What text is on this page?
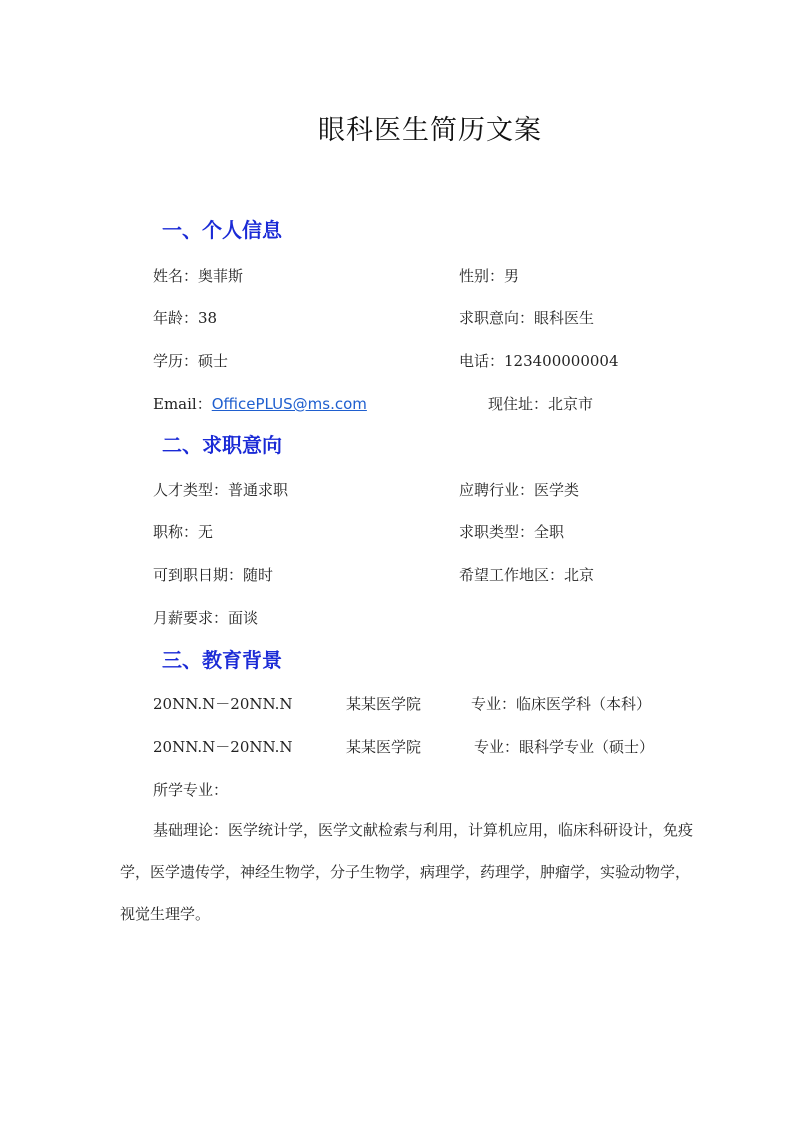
眼科医生简历文案
一、个人信息
姓名：奥菲斯	性别：男
年龄：38	求职意向：眼科医生
学历：硕士	电话：123400000004
Email：OfficePLUS@ms.com	现住址：北京市
二、求职意向
人才类型：普通求职	应聘行业：医学类
职称：无	求职类型：全职
可到职日期：随时	希望工作地区：北京
月薪要求：面谈
三、教育背景
20NN.N－20NN.N	某某医学院	专业：临床医学科（本科）
20NN.N－20NN.N	某某医学院	专业：眼科学专业（硕士）
所学专业：
基础理论：医学统计学，医学文献检索与利用，计算机应用，临床科研设计，免疫学，医学遗传学，神经生物学，分子生物学，病理学，药理学，肿瘤学，实验动物学，视觉生理学。
